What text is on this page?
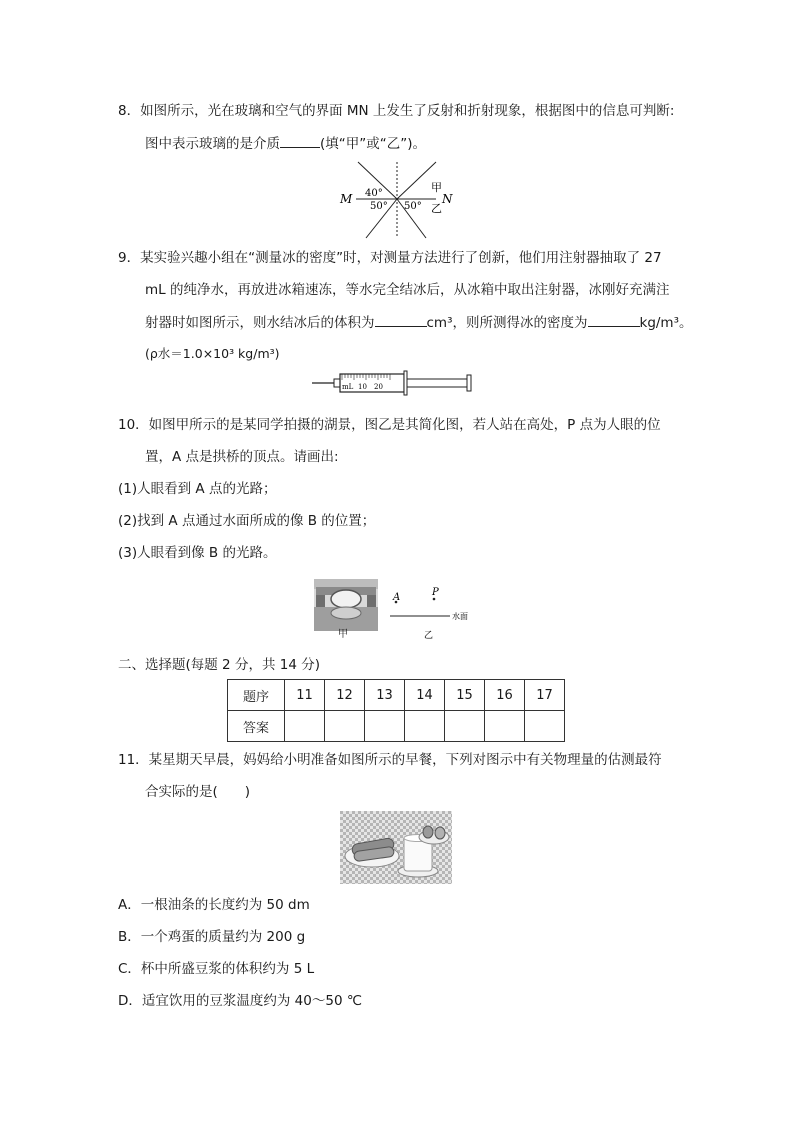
8．如图所示，光在玻璃和空气的界面 MN 上发生了反射和折射现象，根据图中的信息可判断:
图中表示玻璃的是介质	(填“甲”或“乙”)。
M	N
甲
乙
40°
50° 50°
9．某实验兴趣小组在“测量冰的密度”时，对测量方法进行了创新，他们用注射器抽取了 27
mL 的纯净水，再放进冰箱速冻，等水完全结冰后，从冰箱中取出注射器，冰刚好充满注
射器时如图所示，则水结冰后的体积为	cm³，则所测得冰的密度为	kg/m³。
(ρ水＝1.0×10³ kg/m³)
mL 10 20
10．如图甲所示的是某同学拍摄的湖景，图乙是其简化图，若人站在高处，P 点为人眼的位
置，A 点是拱桥的顶点。请画出:
(1)人眼看到 A 点的光路；
(2)找到 A 点通过水面所成的像 B 的位置；
(3)人眼看到像 B 的光路。
甲
A	P
水面
乙
二、选择题(每题 2 分，共 14 分)
题序	11	12	13	14	15	16	17
答案							
11．某星期天早晨，妈妈给小明准备如图所示的早餐，下列对图示中有关物理量的估测最符
合实际的是(　　)
A．一根油条的长度约为 50 dm
B．一个鸡蛋的质量约为 200 g
C．杯中所盛豆浆的体积约为 5 L
D．适宜饮用的豆浆温度约为 40～50 ℃
